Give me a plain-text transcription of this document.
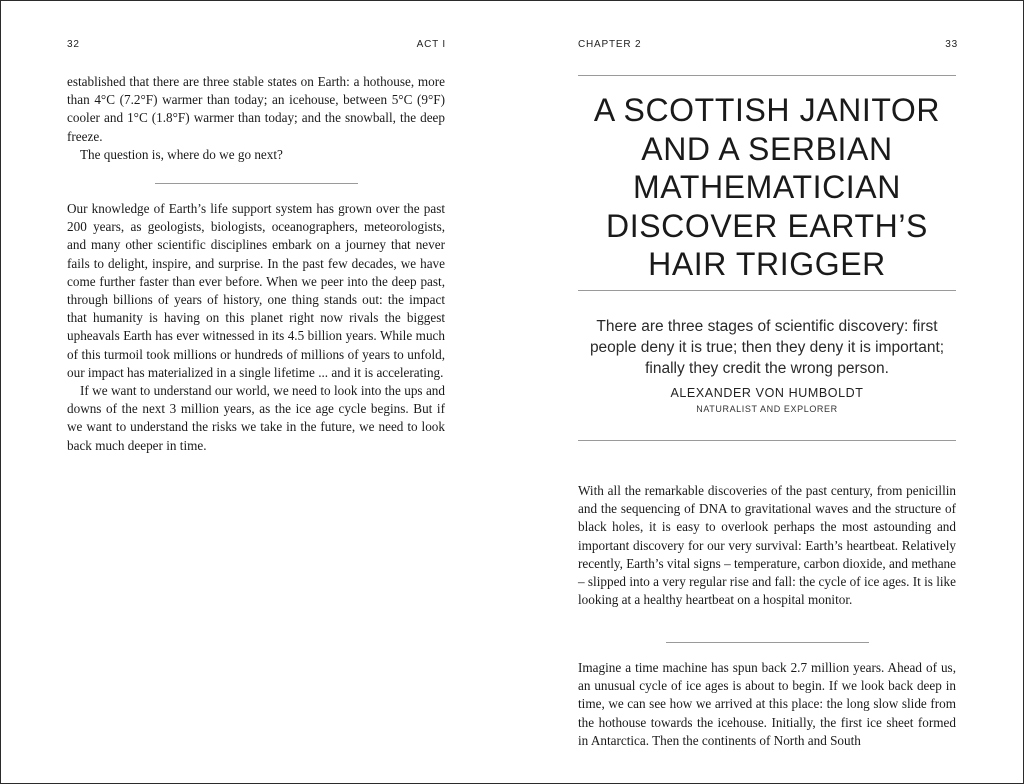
32	ACT I

established that there are three stable states on Earth: a hothouse, more than 4°C (7.2°F) warmer than today; an icehouse, between 5°C (9°F) cooler and 1°C (1.8°F) warmer than today; and the snowball, the deep freeze.

The question is, where do we go next?

Our knowledge of Earth’s life support system has grown over the past 200 years, as geologists, biologists, oceanographers, meteorologists, and many other scientific disciplines embark on a journey that never fails to delight, inspire, and surprise. In the past few decades, we have come further faster than ever before. When we peer into the deep past, through billions of years of history, one thing stands out: the impact that humanity is having on this planet right now rivals the biggest upheavals Earth has ever witnessed in its 4.5 billion years. While much of this turmoil took millions or hundreds of millions of years to unfold, our impact has materialized in a single lifetime ... and it is accelerating.

If we want to understand our world, we need to look into the ups and downs of the next 3 million years, as the ice age cycle begins. But if we want to understand the risks we take in the future, we need to look back much deeper in time.

CHAPTER 2	33
A SCOTTISH JANITOR AND A SERBIAN MATHEMATICIAN DISCOVER EARTH’S HAIR TRIGGER
There are three stages of scientific discovery: first people deny it is true; then they deny it is important; finally they credit the wrong person.
ALEXANDER VON HUMBOLDT
NATURALIST AND EXPLORER

With all the remarkable discoveries of the past century, from penicillin and the sequencing of DNA to gravitational waves and the structure of black holes, it is easy to overlook perhaps the most astounding and important discovery for our very survival: Earth’s heartbeat. Relatively recently, Earth’s vital signs – temperature, carbon dioxide, and methane – slipped into a very regular rise and fall: the cycle of ice ages. It is like looking at a healthy heartbeat on a hospital monitor.

Imagine a time machine has spun back 2.7 million years. Ahead of us, an unusual cycle of ice ages is about to begin. If we look back deep in time, we can see how we arrived at this place: the long slow slide from the hothouse towards the icehouse. Initially, the first ice sheet formed in Antarctica. Then the continents of North and South
